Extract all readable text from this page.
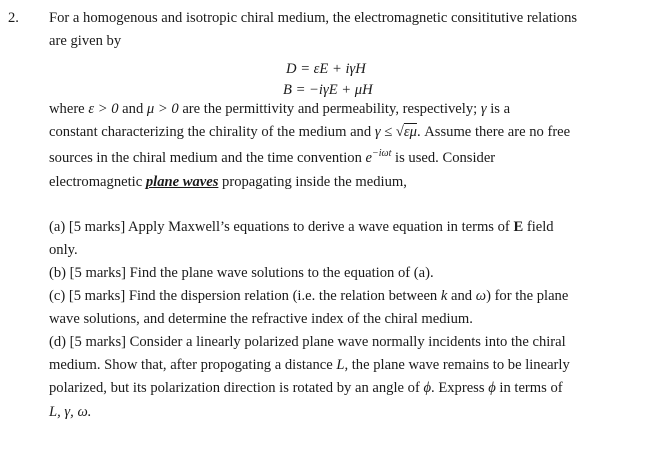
2. For a homogenous and isotropic chiral medium, the electromagnetic consititutive relations
are given by
D = εE + iγH
B = −iγE + μH
where ε > 0 and μ > 0 are the permittivity and permeability, respectively; γ is a
constant characterizing the chirality of the medium and γ ≤ √εμ. Assume there are no free
sources in the chiral medium and the time convention $e^{-i\omega t}$ is used. Consider
electromagnetic plane waves propagating inside the medium,
(a) [5 marks] Apply Maxwell’s equations to derive a wave equation in terms of E field
only.
(b) [5 marks] Find the plane wave solutions to the equation of (a).
(c) [5 marks] Find the dispersion relation (i.e. the relation between k and ω) for the plane
wave solutions, and determine the refractive index of the chiral medium.
(d) [5 marks] Consider a linearly polarized plane wave normally incidents into the chiral
medium. Show that, after propogating a distance L, the plane wave remains to be linearly
polarized, but its polarization direction is rotated by an angle of ϕ. Express ϕ in terms of
L, γ, ω.
